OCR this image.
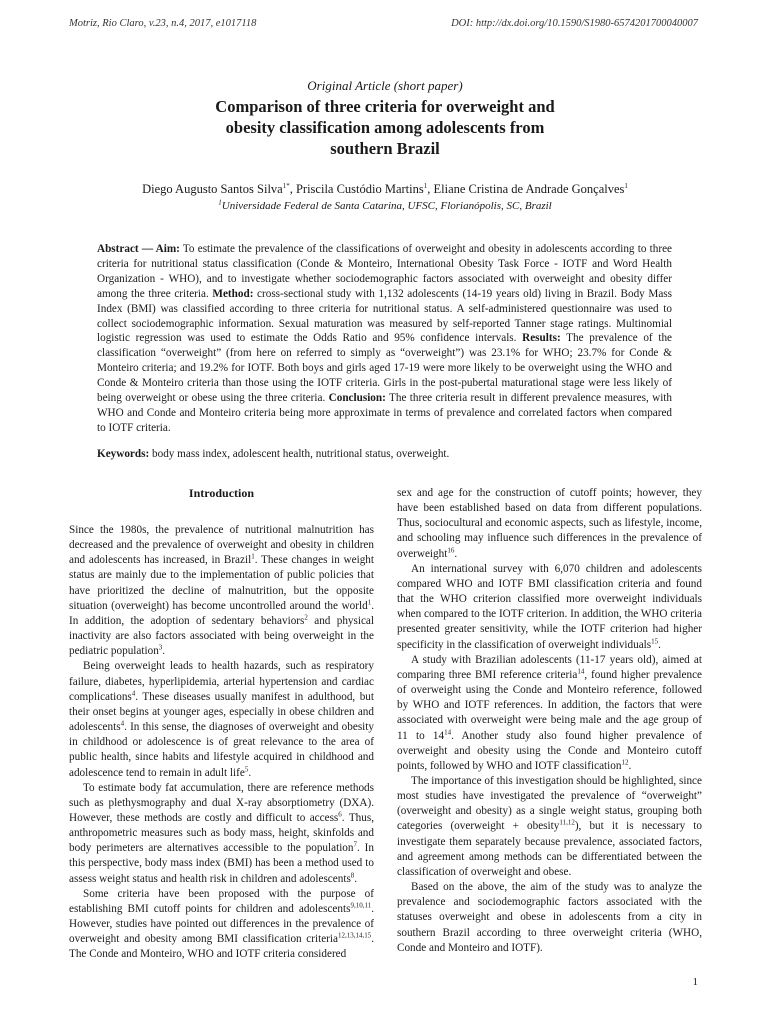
Motriz, Rio Claro, v.23, n.4, 2017, e1017118	DOI: http://dx.doi.org/10.1590/S1980-6574201700040007
Original Article (short paper)
Comparison of three criteria for overweight and
obesity classification among adolescents from
southern Brazil
Diego Augusto Santos Silva$^{1*}$, Priscila Custódio Martins$^1$, Eliane Cristina de Andrade Gonçalves$^1$
$^1$Universidade Federal de Santa Catarina, UFSC, Florianópolis, SC, Brazil
Abstract — Aim: To estimate the prevalence of the classifications of overweight and obesity in adolescents according to three criteria for nutritional status classification (Conde & Monteiro, International Obesity Task Force - IOTF and Word Health Organization - WHO), and to investigate whether sociodemographic factors associated with overweight and obesity differ among the three criteria. Method: cross-sectional study with 1,132 adolescents (14-19 years old) living in Brazil. Body Mass Index (BMI) was classified according to three criteria for nutritional status. A self-administered questionnaire was used to collect sociodemographic information. Sexual maturation was measured by self-reported Tanner stage ratings. Multinomial logistic regression was used to estimate the Odds Ratio and 95% confidence intervals. Results: The prevalence of the classification “overweight” (from here on referred to simply as “overweight”) was 23.1% for WHO; 23.7% for Conde & Monteiro criteria; and 19.2% for IOTF. Both boys and girls aged 17-19 were more likely to be overweight using the WHO and Conde & Monteiro criteria than those using the IOTF criteria. Girls in the post-pubertal maturational stage were less likely of being overweight or obese using the three criteria. Conclusion: The three criteria result in different prevalence measures, with WHO and Conde and Monteiro criteria being more approximate in terms of prevalence and correlated factors when compared to IOTF criteria.
Keywords: body mass index, adolescent health, nutritional status, overweight.
Introduction

Since the 1980s, the prevalence of nutritional malnutrition has decreased and the prevalence of overweight and obesity in children and adolescents has increased, in Brazil$^1$. These changes in weight status are mainly due to the implementation of public policies that have prioritized the decline of malnutrition, but the opposite situation (overweight) has become uncontrolled around the world$^1$. In addition, the adoption of sedentary behaviors$^2$ and physical inactivity are also factors associated with being overweight in the pediatric population$^3$.

Being overweight leads to health hazards, such as respiratory failure, diabetes, hyperlipidemia, arterial hypertension and cardiac complications$^4$. These diseases usually manifest in adulthood, but their onset begins at younger ages, especially in obese children and adolescents$^4$. In this sense, the diagnoses of overweight and obesity in childhood or adolescence is of great relevance to the area of public health, since habits and lifestyle acquired in childhood and adolescence tend to remain in adult life$^5$.

To estimate body fat accumulation, there are reference methods such as plethysmography and dual X-ray absorptiometry (DXA). However, these methods are costly and difficult to access$^6$. Thus, anthropometric measures such as body mass, height, skinfolds and body perimeters are alternatives accessible to the population$^7$. In this perspective, body mass index (BMI) has been a method used to assess weight status and health risk in children and adolescents$^8$.

Some criteria have been proposed with the purpose of establishing BMI cutoff points for children and adolescents$^{9,10,11}$. However, studies have pointed out differences in the prevalence of overweight and obesity among BMI classification criteria$^{12,13,14,15}$. The Conde and Monteiro, WHO and IOTF criteria considered

sex and age for the construction of cutoff points; however, they have been established based on data from different populations. Thus, sociocultural and economic aspects, such as lifestyle, income, and schooling may influence such differences in the prevalence of overweight$^{16}$.

An international survey with 6,070 children and adolescents compared WHO and IOTF BMI classification criteria and found that the WHO criterion classified more overweight individuals when compared to the IOTF criterion. In addition, the WHO criteria presented greater sensitivity, while the IOTF criterion had higher specificity in the classification of overweight individuals$^{15}$.

A study with Brazilian adolescents (11-17 years old), aimed at comparing three BMI reference criteria$^{14}$, found higher prevalence of overweight using the Conde and Monteiro reference, followed by WHO and IOTF references. In addition, the factors that were associated with overweight were being male and the age group of 11 to $14^{14}$. Another study also found higher prevalence of overweight and obesity using the Conde and Monteiro cutoff points, followed by WHO and IOTF classification$^{12}$.

The importance of this investigation should be highlighted, since most studies have investigated the prevalence of “overweight” (overweight and obesity) as a single weight status, grouping both categories (overweight + obesity$^{11,12}$), but it is necessary to investigate them separately because prevalence, associated factors, and agreement among methods can be differentiated between the classification of overweight and obese.

Based on the above, the aim of the study was to analyze the prevalence and sociodemographic factors associated with the statuses overweight and obese in adolescents from a city in southern Brazil according to three overweight criteria (WHO, Conde and Monteiro and IOTF).

1
